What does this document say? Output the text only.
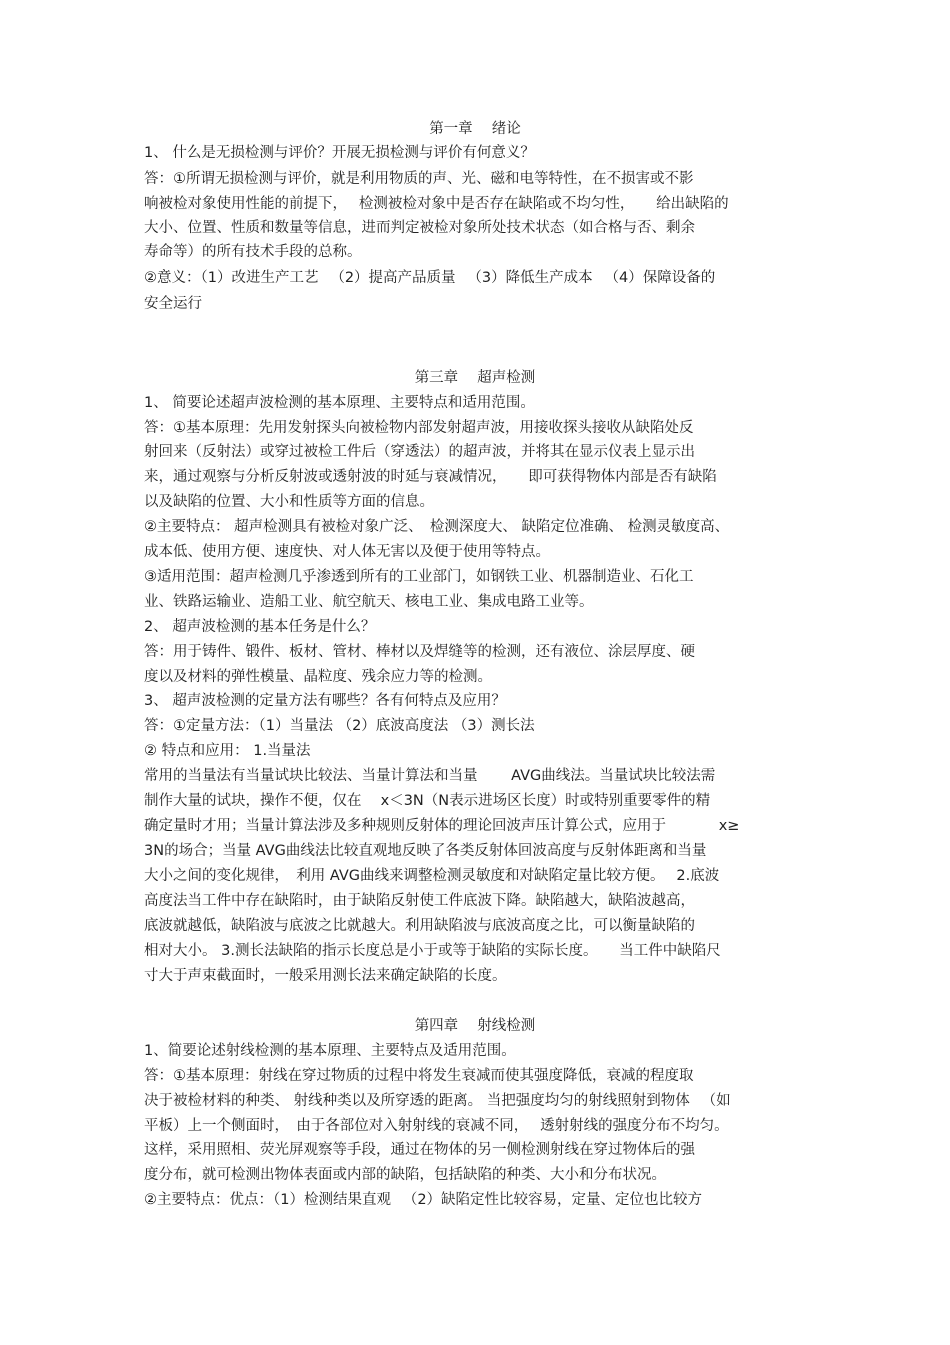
第一章 　绪论
1、 什么是无损检测与评价？开展无损检测与评价有何意义？
答：①所谓无损检测与评价，就是利用物质的声、光、磁和电等特性，在不损害或不影
响被检对象使用性能的前提下，　 检测被检对象中是否存在缺陷或不均匀性，　　给出缺陷的
大小、位置、性质和数量等信息，进而判定被检对象所处技术状态（如合格与否、剩余
寿命等）的所有技术手段的总称。
②意义：（1）改进生产工艺 　（2）提高产品质量 　（3）降低生产成本 　（4）保障设备的
安全运行
第三章 　超声检测
1、 简要论述超声波检测的基本原理、主要特点和适用范围。
答：①基本原理：先用发射探头向被检物内部发射超声波，用接收探头接收从缺陷处反
射回来（反射法）或穿过被检工件后（穿透法）的超声波，并将其在显示仪表上显示出
来，通过观察与分析反射波或透射波的时延与衰减情况，　　即可获得物体内部是否有缺陷
以及缺陷的位置、大小和性质等方面的信息。
②主要特点： 超声检测具有被检对象广泛、　检测深度大、 缺陷定位准确、 检测灵敏度高、
成本低、使用方便、速度快、对人体无害以及便于使用等特点。
③适用范围：超声检测几乎渗透到所有的工业部门，如钢铁工业、机器制造业、石化工
业、铁路运输业、造船工业、航空航天、核电工业、集成电路工业等。
2、 超声波检测的基本任务是什么？
答：用于铸件、锻件、板材、管材、棒材以及焊缝等的检测，还有液位、涂层厚度、硬
度以及材料的弹性模量、晶粒度、残余应力等的检测。
3、 超声波检测的定量方法有哪些？各有何特点及应用？
答：①定量方法：（1）当量法 （2）底波高度法 （3）测长法
② 特点和应用： 1.当量法
常用的当量法有当量试块比较法、当量计算法和当量 　　AVG曲线法。当量试块比较法需
制作大量的试块，操作不便，仅在 　x＜3N（N表示进场区长度）时或特别重要零件的精
确定量时才用；当量计算法涉及多种规则反射体的理论回波声压计算公式，应用于 　　　 x≥
3N的场合；当量 AVG曲线法比较直观地反映了各类反射体回波高度与反射体距离和当量
大小之间的变化规律，　利用 AVG曲线来调整检测灵敏度和对缺陷定量比较方便。　 2.底波
高度法当工件中存在缺陷时，由于缺陷反射使工件底波下降。缺陷越大，缺陷波越高，
底波就越低，缺陷波与底波之比就越大。利用缺陷波与底波高度之比，可以衡量缺陷的
相对大小。 3.测长法缺陷的指示长度总是小于或等于缺陷的实际长度。　　当工件中缺陷尺
寸大于声束截面时，一般采用测长法来确定缺陷的长度。
第四章 　射线检测
1、简要论述射线检测的基本原理、主要特点及适用范围。
答：①基本原理：射线在穿过物质的过程中将发生衰减而使其强度降低，衰减的程度取
决于被检材料的种类、 射线种类以及所穿透的距离。 当把强度均匀的射线照射到物体 　（如
平板）上一个侧面时，　由于各部位对入射射线的衰减不同，　 透射射线的强度分布不均匀。
这样，采用照相、荧光屏观察等手段，通过在物体的另一侧检测射线在穿过物体后的强
度分布，就可检测出物体表面或内部的缺陷，包括缺陷的种类、大小和分布状况。
②主要特点：优点：（1）检测结果直观 　（2）缺陷定性比较容易，定量、定位也比较方
